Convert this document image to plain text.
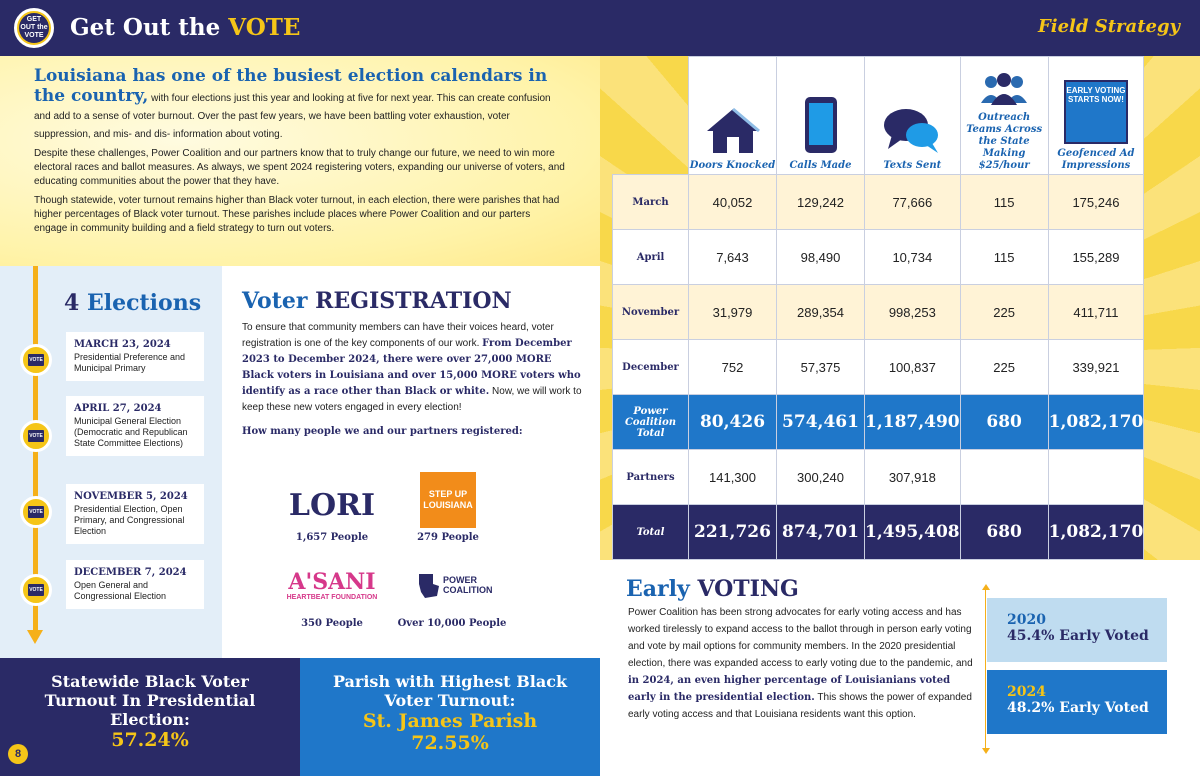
GET OUT the VOTE Get Out the VOTE	Field Strategy
Louisiana has one of the busiest election calendars in the country, with four elections just this year and looking at five for next year. This can create confusion and add to a sense of voter burnout. Over the past few years, we have been battling voter exhaustion, voter suppression, and mis- and dis- information about voting.

Despite these challenges, Power Coalition and our partners know that to truly change our future, we need to win more electoral races and ballot measures. As always, we spent 2024 registering voters, expanding our universe of voters, and educating communities about the power that they have.

Though statewide, voter turnout remains higher than Black voter turnout, in each election, there were parishes that had higher percentages of Black voter turnout. These parishes include places where Power Coalition and our parters engage in community building and a field strategy to turn out voters.

4 Elections
VOTE
MARCH 23, 2024
Presidential Preference and Municipal Primary
VOTE
APRIL 27, 2024
Municipal General Election (Democratic and Republican State Committee Elections)
VOTE
NOVEMBER 5, 2024
Presidential Election, Open Primary, and Congressional Election
VOTE
DECEMBER 7, 2024
Open General and Congressional Election
Voter REGISTRATION
To ensure that community members can have their voices heard, voter registration is one of the key components of our work. From December 2023 to December 2024, there were over 27,000 MORE Black voters in Louisiana and over 15,000 MORE voters who identify as a race other than Black or white. Now, we will work to keep these new voters engaged in every election!
How many people we and our partners registered:
LORI
1,657 People
STEP UP LOUISIANA
279 People
A'SANI
HEARTBEAT FOUNDATION
350 People
POWER COALITION
Over 10,000 People
Statewide Black Voter Turnout In Presidential Election:
57.24%
Parish with Highest Black Voter Turnout:
St. James Parish
72.55%
8

	Doors Knocked	Calls Made	Texts Sent	Outreach Teams Across the State Making $25/hour	EARLY VOTING STARTS NOW!
Geofenced Ad Impressions

March	40,052	129,242	77,666	115	175,246
April	7,643	98,490	10,734	115	155,289
November	31,979	289,354	998,253	225	411,711
December	752	57,375	100,837	225	339,921
Power Coalition Total	80,426	574,461	1,187,490	680	1,082,170
Partners	141,300	300,240	307,918		
Total	221,726	874,701	1,495,408	680	1,082,170
Early VOTING
Power Coalition has been strong advocates for early voting access and has worked tirelessly to expand access to the ballot through in person early voting and vote by mail options for community members. In the 2020 presidential election, there was expanded access to early voting due to the pandemic, and in 2024, an even higher percentage of Louisianians voted early in the presidential election. This shows the power of expanded early voting access and that Louisiana residents want this option.
2020
45.4% Early Voted
2024
48.2% Early Voted
